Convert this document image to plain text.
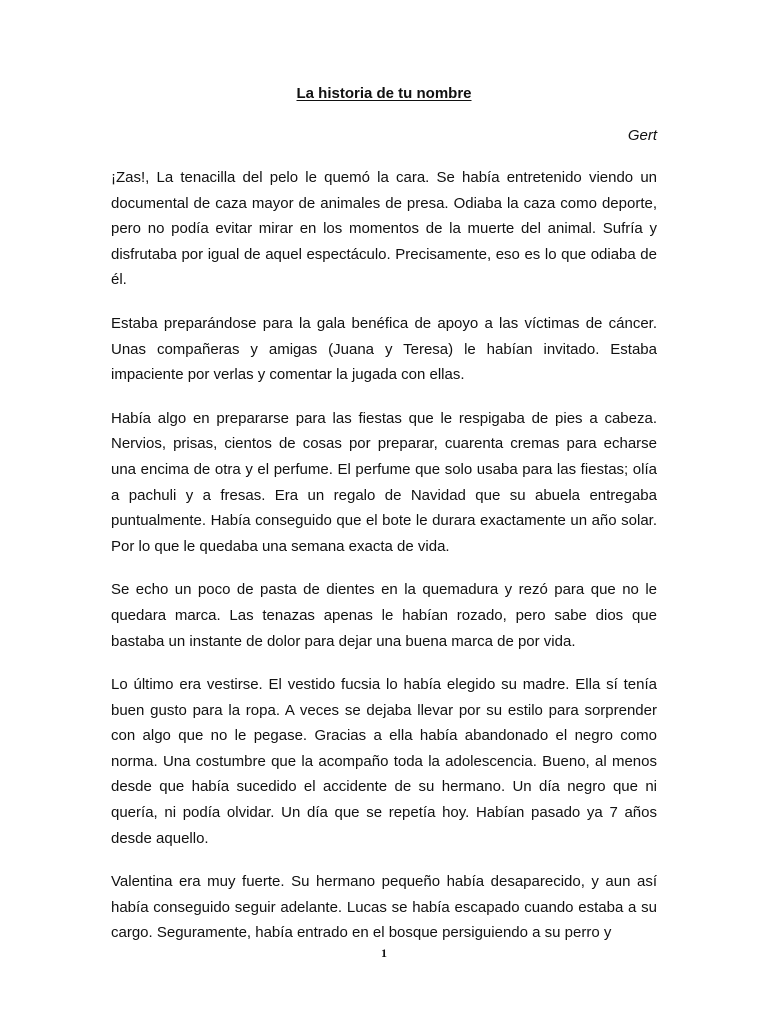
La historia de tu nombre

Gert

¡Zas!, La tenacilla del pelo le quemó la cara. Se había entretenido viendo un documental de caza mayor de animales de presa. Odiaba la caza como deporte, pero no podía evitar mirar en los momentos de la muerte del animal. Sufría y disfrutaba por igual de aquel espectáculo. Precisamente, eso es lo que odiaba de él.

Estaba preparándose para la gala benéfica de apoyo a las víctimas de cáncer. Unas compañeras y amigas (Juana y Teresa) le habían invitado. Estaba impaciente por verlas y comentar la jugada con ellas.

Había algo en prepararse para las fiestas que le respigaba de pies a cabeza. Nervios, prisas, cientos de cosas por preparar, cuarenta cremas para echarse una encima de otra y el perfume. El perfume que solo usaba para las fiestas; olía a pachuli y a fresas. Era un regalo de Navidad que su abuela entregaba puntualmente. Había conseguido que el bote le durara exactamente un año solar. Por lo que le quedaba una semana exacta de vida.

Se echo un poco de pasta de dientes en la quemadura y rezó para que no le quedara marca. Las tenazas apenas le habían rozado, pero sabe dios que bastaba un instante de dolor para dejar una buena marca de por vida.

Lo último era vestirse. El vestido fucsia lo había elegido su madre. Ella sí tenía buen gusto para la ropa. A veces se dejaba llevar por su estilo para sorprender con algo que no le pegase. Gracias a ella había abandonado el negro como norma. Una costumbre que la acompaño toda la adolescencia. Bueno, al menos desde que había sucedido el accidente de su hermano. Un día negro que ni quería, ni podía olvidar. Un día que se repetía hoy. Habían pasado ya 7 años desde aquello.

Valentina era muy fuerte. Su hermano pequeño había desaparecido, y aun así había conseguido seguir adelante. Lucas se había escapado cuando estaba a su cargo. Seguramente, había entrado en el bosque persiguiendo a su perro y

1
